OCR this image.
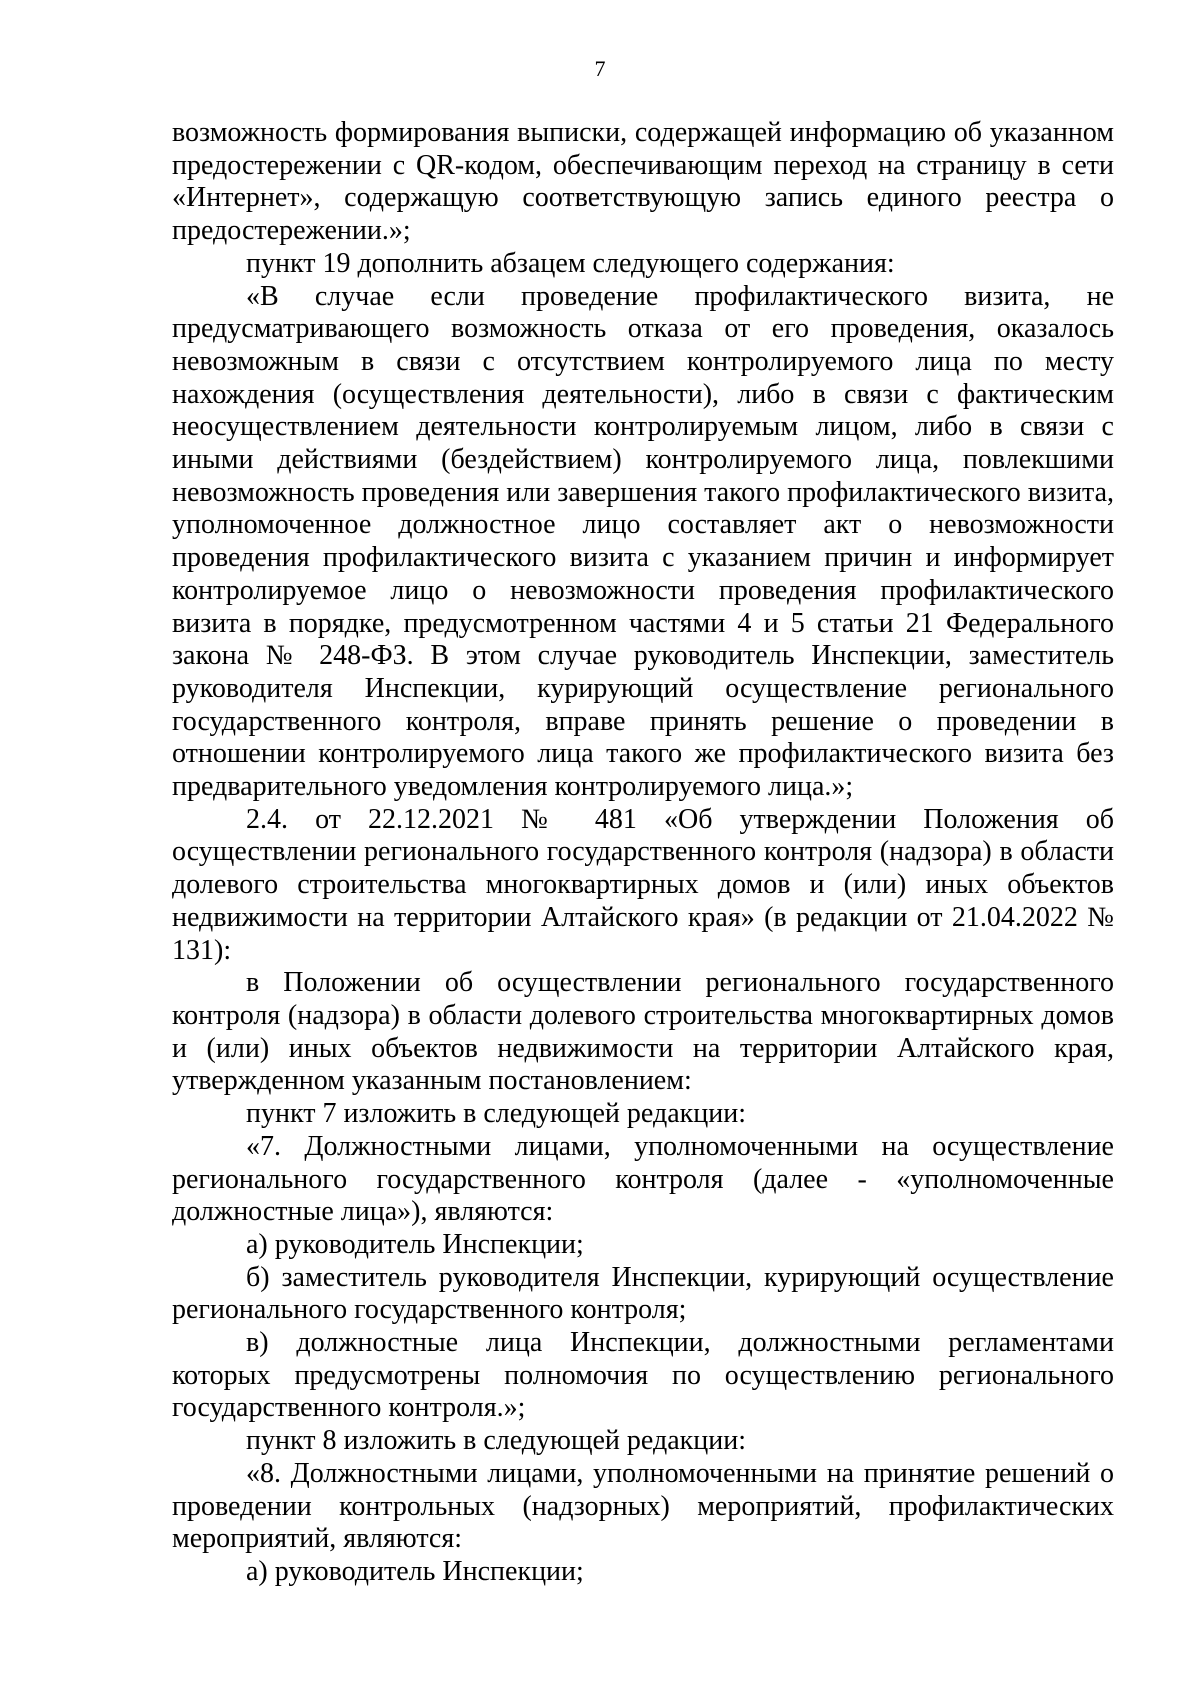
7

возможность формирования выписки, содержащей информацию об указанном предостережении с QR-кодом, обеспечивающим переход на страницу в сети «Интернет», содержащую соответствующую запись единого реестра о предостережении.»;

пункт 19 дополнить абзацем следующего содержания:

«В случае если проведение профилактического визита, не предусматривающего возможность отказа от его проведения, оказалось невозможным в связи с отсутствием контролируемого лица по месту нахождения (осуществления деятельности), либо в связи с фактическим неосуществлением деятельности контролируемым лицом, либо в связи с иными действиями (бездействием) контролируемого лица, повлекшими невозможность проведения или завершения такого профилактического визита, уполномоченное должностное лицо составляет акт о невозможности проведения профилактического визита с указанием причин и информирует контролируемое лицо о невозможности проведения профилактического визита в порядке, предусмотренном частями 4 и 5 статьи 21 Федерального закона № 248-ФЗ. В этом случае руководитель Инспекции, заместитель руководителя Инспекции, курирующий осуществление регионального государственного контроля, вправе принять решение о проведении в отношении контролируемого лица такого же профилактического визита без предварительного уведомления контролируемого лица.»;

2.4. от 22.12.2021 № 481 «Об утверждении Положения об осуществлении регионального государственного контроля (надзора) в области долевого строительства многоквартирных домов и (или) иных объектов недвижимости на территории Алтайского края» (в редакции от 21.04.2022 № 131):

в Положении об осуществлении регионального государственного контроля (надзора) в области долевого строительства многоквартирных домов и (или) иных объектов недвижимости на территории Алтайского края, утвержденном указанным постановлением:

пункт 7 изложить в следующей редакции:

«7. Должностными лицами, уполномоченными на осуществление регионального государственного контроля (далее - «уполномоченные должностные лица»), являются:

а) руководитель Инспекции;

б) заместитель руководителя Инспекции, курирующий осуществление регионального государственного контроля;

в) должностные лица Инспекции, должностными регламентами которых предусмотрены полномочия по осуществлению регионального государственного контроля.»;

пункт 8 изложить в следующей редакции:

«8. Должностными лицами, уполномоченными на принятие решений о проведении контрольных (надзорных) мероприятий, профилактических мероприятий, являются:

а) руководитель Инспекции;
